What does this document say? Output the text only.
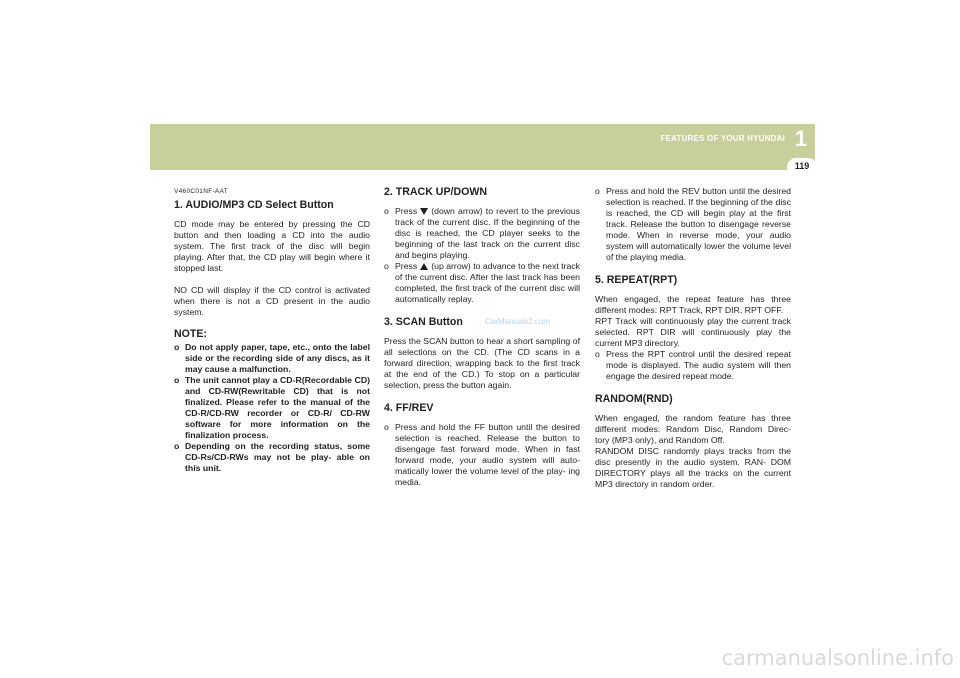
FEATURES OF YOUR HYUNDAI 1
119
V460C01NF-AAT
1. AUDIO/MP3 CD Select Button

CD mode may be entered by pressing the CD button and then loading a CD into the audio system. The first track of the disc will begin playing. After that, the CD play will begin where it stopped last.

NO CD will display if the CD control is activated when there is not a CD present in the audio system.

NOTE:
o Do not apply paper, tape, etc., onto the label side or the recording side of any discs, as it may cause a malfunction.
o The unit cannot play a CD-R(Recordable CD) and CD-RW(Rewritable CD) that is not finalized. Please refer to the manual of the CD-R/CD-RW recorder or CD-R/ CD-RW software for more information on the finalization process.
o Depending on the recording status, some CD-Rs/CD-RWs may not be play- able on this unit.
2. TRACK UP/DOWN
o Press (down arrow) to revert to the previous track of the current disc. If the beginning of the disc is reached, the CD player seeks to the beginning of the last track on the current disc and begins playing.
o Press (up arrow) to advance to the next track of the current disc. After the last track has been completed, the first track of the current disc will automatically replay.
3. SCAN Button

Press the SCAN button to hear a short sampling of all selections on the CD. (The CD scans in a forward direction, wrapping back to the first track at the end of the CD.) To stop on a particular selection, press the button again.

4. FF/REV
o Press and hold the FF button until the desired selection is reached. Release the button to disengage fast forward mode. When in fast forward mode, your audio system will auto- matically lower the volume level of the play- ing media.
o Press and hold the REV button until the desired selection is reached. If the beginning of the disc is reached, the CD will begin play at the first track. Release the button to disengage reverse mode. When in reverse mode, your audio system will automatically lower the volume level of the playing media.
5. REPEAT(RPT)

When engaged, the repeat feature has three different modes: RPT Track, RPT DIR, RPT OFF.

RPT Track will continuously play the current track selected. RPT DIR will continuously play the current MP3 directory.

o Press the RPT control until the desired repeat mode is displayed. The audio system will then engage the desired repeat mode.
RANDOM(RND)

When engaged, the random feature has three different modes: Random Disc, Random Direc- tory (MP3 only), and Random Off.

RANDOM DISC randomly plays tracks from the disc presently in the audio system. RAN- DOM DIRECTORY plays all the tracks on the current MP3 directory in random order.

CarManuals2.com
carmanualsonline.info
